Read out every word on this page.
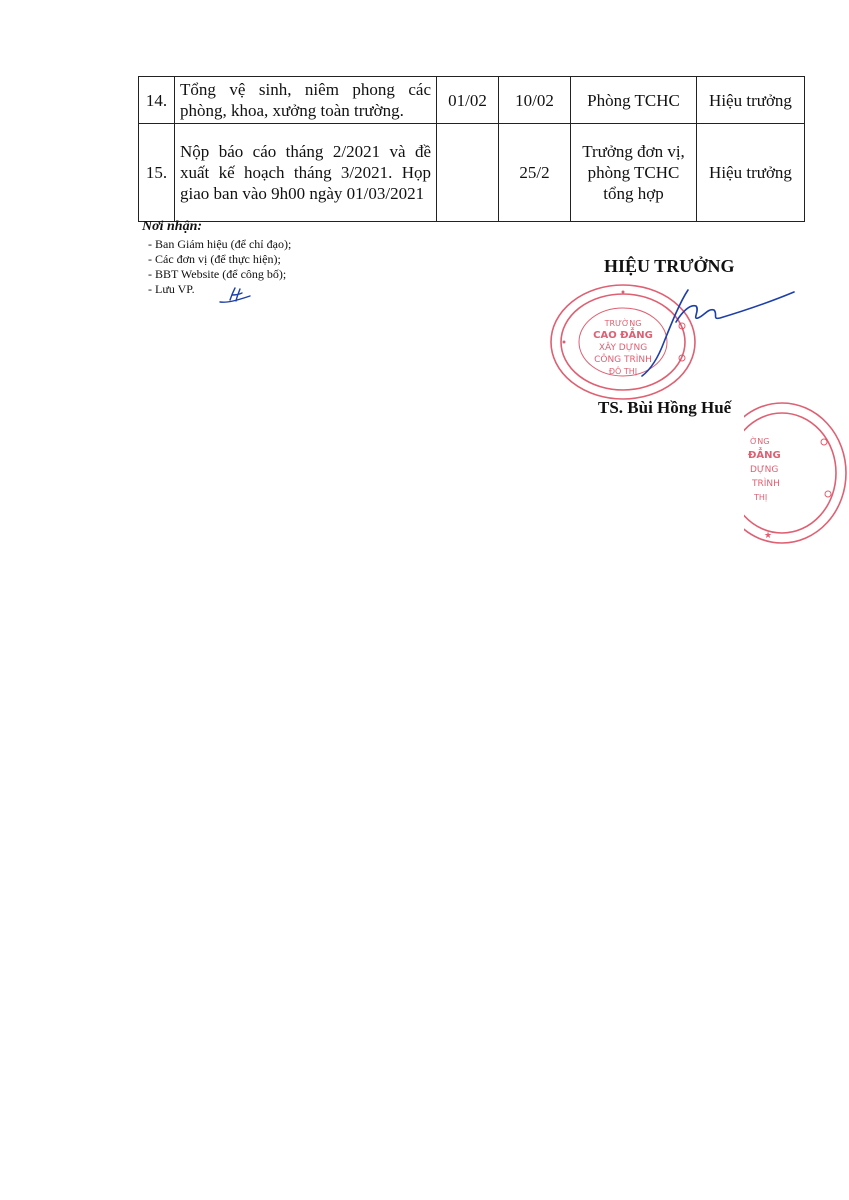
14.	Tổng vệ sinh, niêm phong các phòng, khoa, xưởng toàn trường.	01/02	10/02	Phòng TCHC	Hiệu trưởng
15.	Nộp báo cáo tháng 2/2021 và đề xuất kế hoạch tháng 3/2021. Họp giao ban vào 9h00 ngày 01/03/2021		25/2	Trưởng đơn vị, phòng TCHC tổng hợp	Hiệu trưởng

Nơi nhận:

- Ban Giám hiệu (để chỉ đạo);
- Các đơn vị (để thực hiện);
- BBT Website (để công bố);
- Lưu VP.
HIỆU TRƯỞNG
TS. Bùi Hồng Huế
TRƯỜNG
CAO ĐẲNG
XÂY DỰNG
CÔNG TRÌNH
ĐÔ THỊ
ỜNG
ĐẲNG
DỰNG
TRÌNH
THỊ
★
